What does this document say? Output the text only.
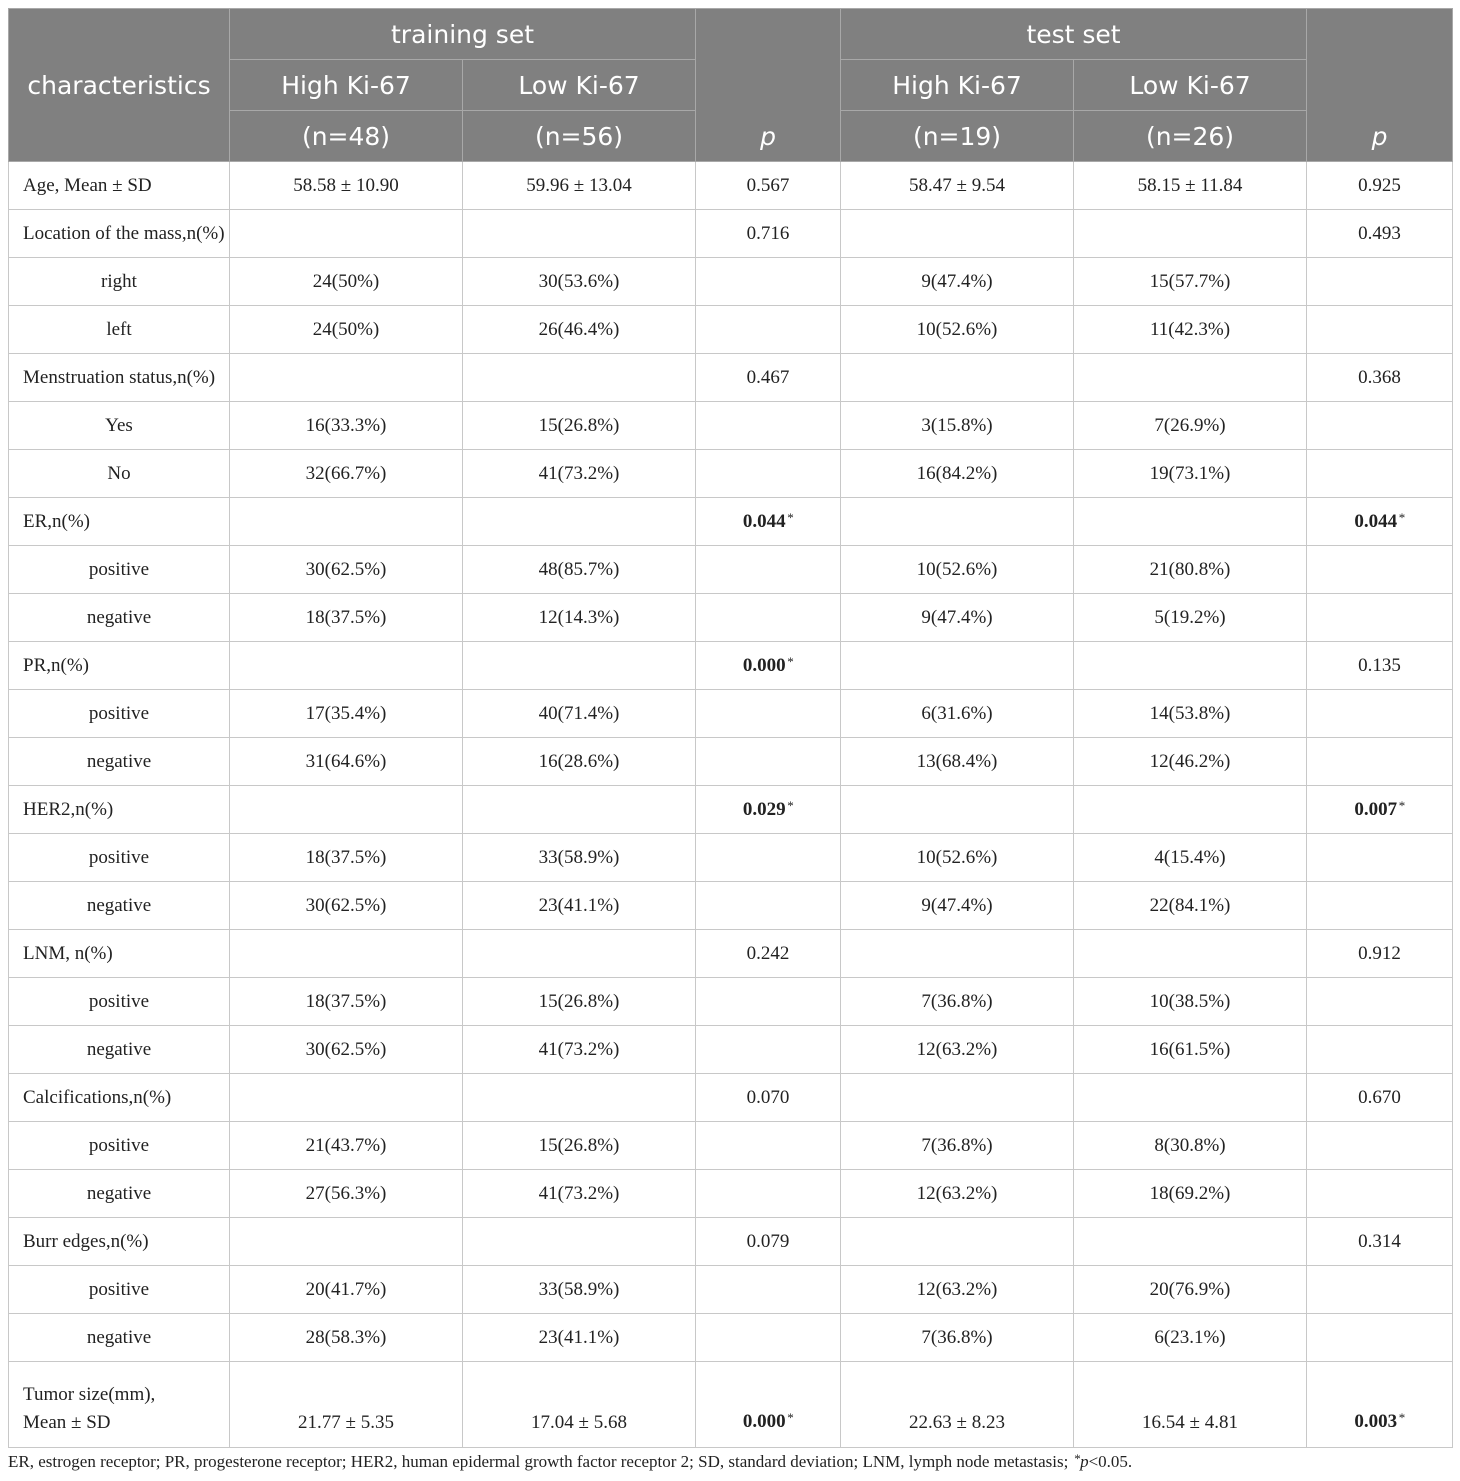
characteristics	training set		p	test set		p
	High Ki-67	Low Ki-67		High Ki-67	Low Ki-67	
	(n=48)	(n=56)		(n=19)	(n=26)	
Age, Mean ± SD	58.58 ± 10.90	59.96 ± 13.04	0.567	58.47 ± 9.54	58.15 ± 11.84	0.925
Location of the mass,n(%)			0.716			0.493
right	24(50%)	30(53.6%)		9(47.4%)	15(57.7%)	
left	24(50%)	26(46.4%)		10(52.6%)	11(42.3%)	
Menstruation status,n(%)			0.467			0.368
Yes	16(33.3%)	15(26.8%)		3(15.8%)	7(26.9%)	
No	32(66.7%)	41(73.2%)		16(84.2%)	19(73.1%)	
ER,n(%)			0.044*			0.044*
positive	30(62.5%)	48(85.7%)		10(52.6%)	21(80.8%)	
negative	18(37.5%)	12(14.3%)		9(47.4%)	5(19.2%)	
PR,n(%)			0.000*			0.135
positive	17(35.4%)	40(71.4%)		6(31.6%)	14(53.8%)	
negative	31(64.6%)	16(28.6%)		13(68.4%)	12(46.2%)	
HER2,n(%)			0.029*			0.007*
positive	18(37.5%)	33(58.9%)		10(52.6%)	4(15.4%)	
negative	30(62.5%)	23(41.1%)		9(47.4%)	22(84.1%)	
LNM, n(%)			0.242			0.912
positive	18(37.5%)	15(26.8%)		7(36.8%)	10(38.5%)	
negative	30(62.5%)	41(73.2%)		12(63.2%)	16(61.5%)	
Calcifications,n(%)			0.070			0.670
positive	21(43.7%)	15(26.8%)		7(36.8%)	8(30.8%)	
negative	27(56.3%)	41(73.2%)		12(63.2%)	18(69.2%)	
Burr edges,n(%)			0.079			0.314
positive	20(41.7%)	33(58.9%)		12(63.2%)	20(76.9%)	
negative	28(58.3%)	23(41.1%)		7(36.8%)	6(23.1%)	
Tumor size(mm),
Mean ± SD	21.77 ± 5.35	17.04 ± 5.68	0.000*	22.63 ± 8.23	16.54 ± 4.81	0.003*
ER, estrogen receptor; PR, progesterone receptor; HER2, human epidermal growth factor receptor 2; SD, standard deviation; LNM, lymph node metastasis; *p<0.05.
